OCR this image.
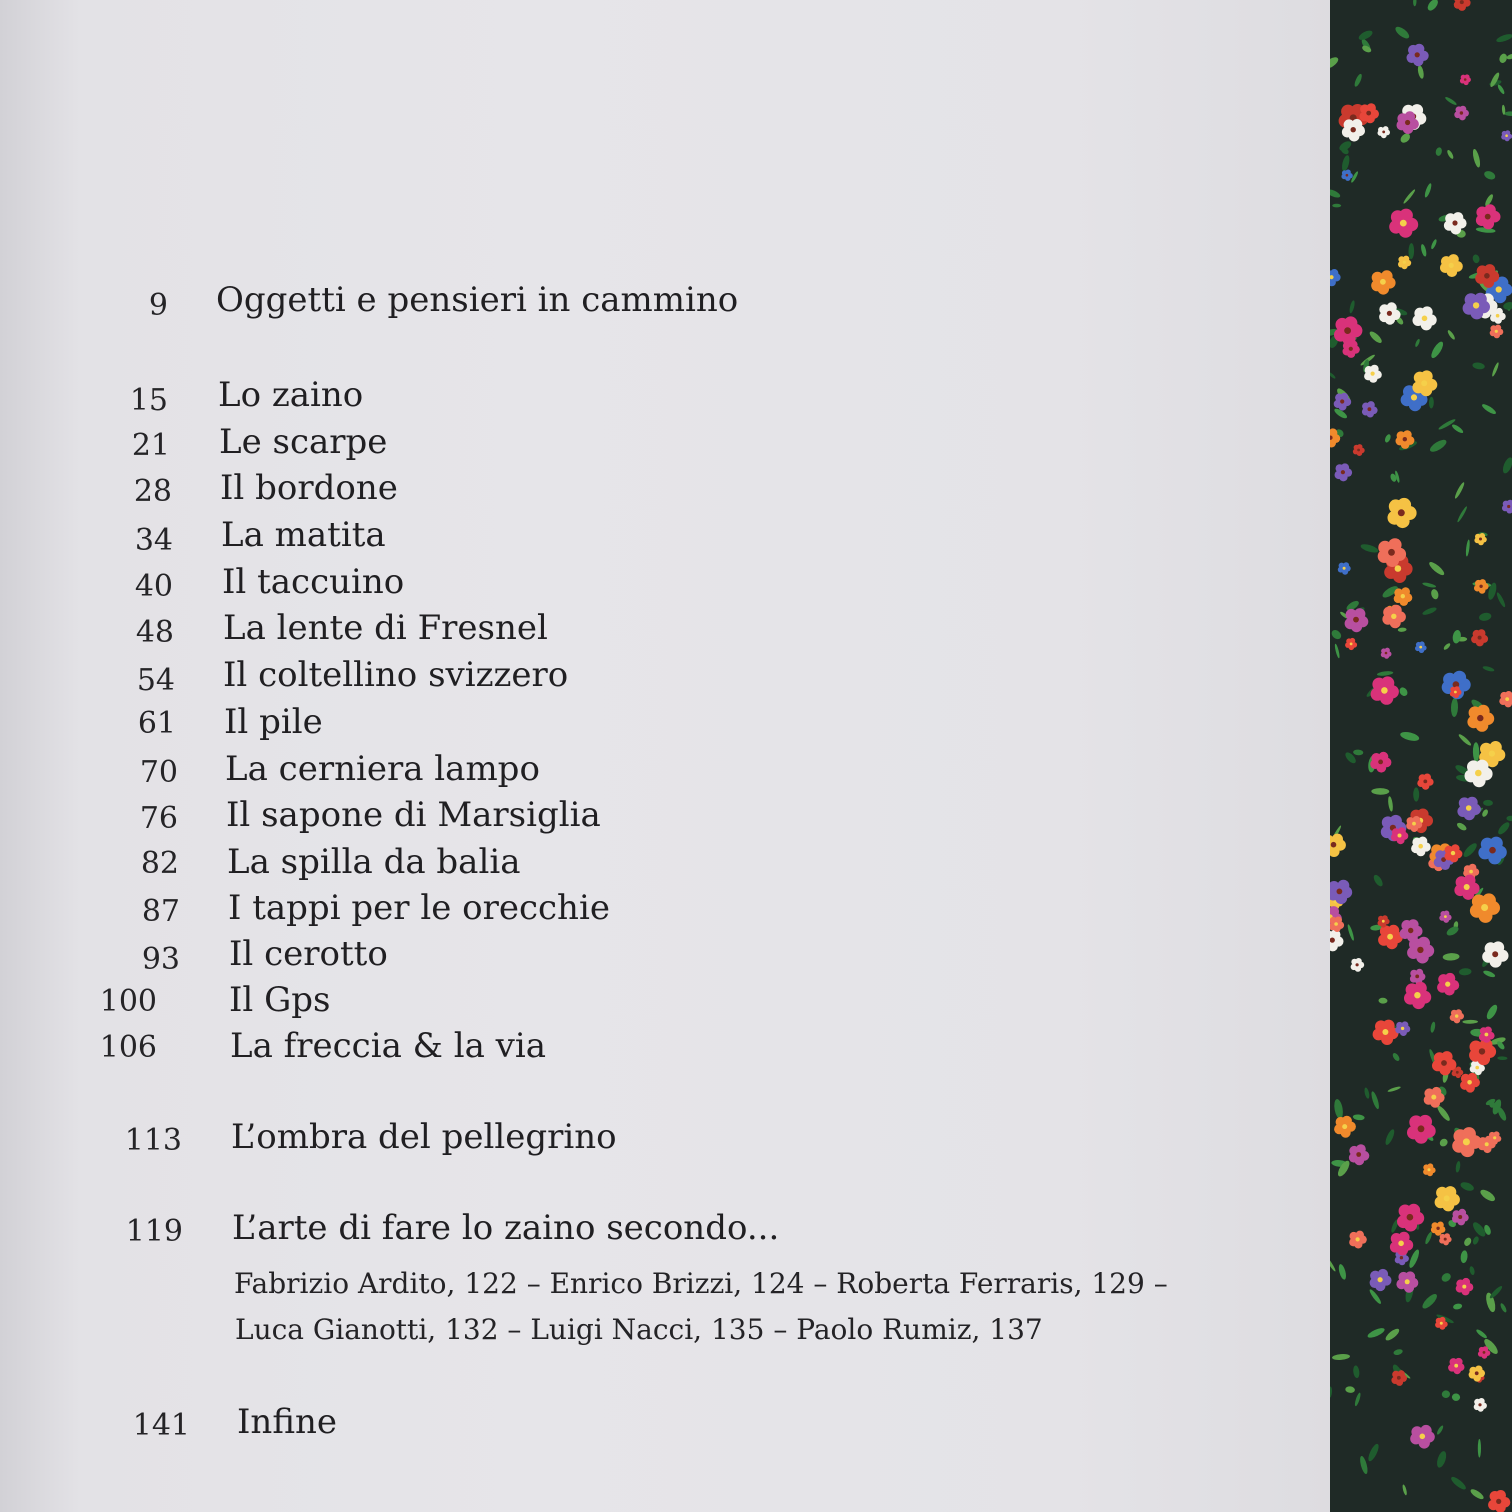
9 Oggetti e pensieri in cammino
15 Lo zaino
21 Le scarpe
28 Il bordone
34 La matita
40 Il taccuino
48 La lente di Fresnel
54 Il coltellino svizzero
61 Il pile
70 La cerniera lampo
76 Il sapone di Marsiglia
82 La spilla da balia
87 I tappi per le orecchie
93 Il cerotto
100 Il Gps
106 La freccia & la via
113 L’ombra del pellegrino
119 L’arte di fare lo zaino secondo...
Fabrizio Ardito, 122 – Enrico Brizzi, 124 – Roberta Ferraris, 129 –
Luca Gianotti, 132 – Luigi Nacci, 135 – Paolo Rumiz, 137
141 Infine
